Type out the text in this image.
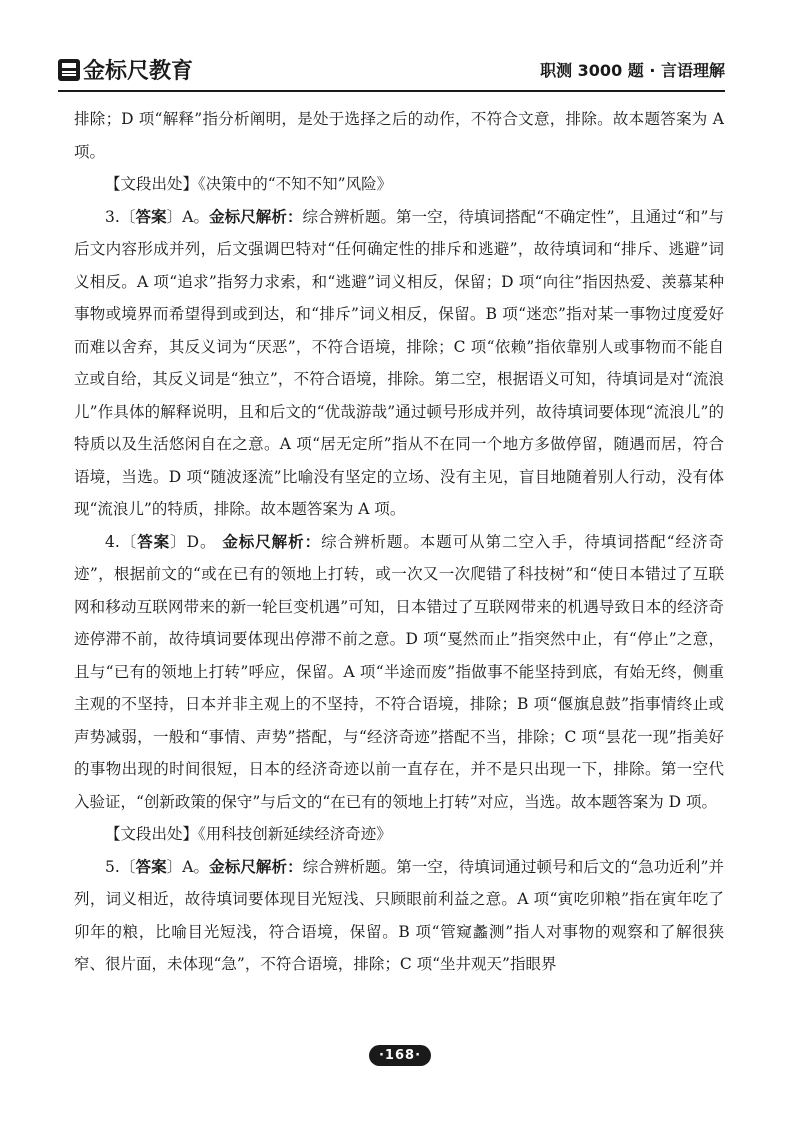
金标尺教育	职测 3000 题 · 言语理解

排除；D 项“解释”指分析阐明，是处于选择之后的动作，不符合文意，排除。故本题答案为 A 项。

【文段出处】《决策中的“不知不知”风险》

3.〔答案〕A。金标尺解析：综合辨析题。第一空，待填词搭配“不确定性”，且通过“和”与后文内容形成并列，后文强调巴特对“任何确定性的排斥和逃避”，故待填词和“排斥、逃避”词义相反。A 项“追求”指努力求索，和“逃避”词义相反，保留；D 项“向往”指因热爱、羡慕某种事物或境界而希望得到或到达，和“排斥”词义相反，保留。B 项“迷恋”指对某一事物过度爱好而难以舍弃，其反义词为“厌恶”，不符合语境，排除；C 项“依赖”指依靠别人或事物而不能自立或自给，其反义词是“独立”，不符合语境，排除。第二空，根据语义可知，待填词是对“流浪儿”作具体的解释说明，且和后文的“优哉游哉”通过顿号形成并列，故待填词要体现“流浪儿”的特质以及生活悠闲自在之意。A 项“居无定所”指从不在同一个地方多做停留，随遇而居，符合语境，当选。D 项“随波逐流”比喻没有坚定的立场、没有主见，盲目地随着别人行动，没有体现“流浪儿”的特质，排除。故本题答案为 A 项。

4.〔答案〕D。 金标尺解析：综合辨析题。本题可从第二空入手，待填词搭配“经济奇迹”，根据前文的“或在已有的领地上打转，或一次又一次爬错了科技树”和“使日本错过了互联网和移动互联网带来的新一轮巨变机遇”可知，日本错过了互联网带来的机遇导致日本的经济奇迹停滞不前，故待填词要体现出停滞不前之意。D 项“戛然而止”指突然中止，有“停止”之意，且与“已有的领地上打转”呼应，保留。A 项“半途而废”指做事不能坚持到底，有始无终，侧重主观的不坚持，日本并非主观上的不坚持，不符合语境，排除；B 项“偃旗息鼓”指事情终止或声势减弱，一般和“事情、声势”搭配，与“经济奇迹”搭配不当，排除；C 项“昙花一现”指美好的事物出现的时间很短，日本的经济奇迹以前一直存在，并不是只出现一下，排除。第一空代入验证，“创新政策的保守”与后文的“在已有的领地上打转”对应，当选。故本题答案为 D 项。

【文段出处】《用科技创新延续经济奇迹》

5.〔答案〕A。金标尺解析：综合辨析题。第一空，待填词通过顿号和后文的“急功近利”并列，词义相近，故待填词要体现目光短浅、只顾眼前利益之意。A 项“寅吃卯粮”指在寅年吃了卯年的粮，比喻目光短浅，符合语境，保留。B 项“管窥蠡测”指人对事物的观察和了解很狭窄、很片面，未体现“急”，不符合语境，排除；C 项“坐井观天”指眼界

·168·
